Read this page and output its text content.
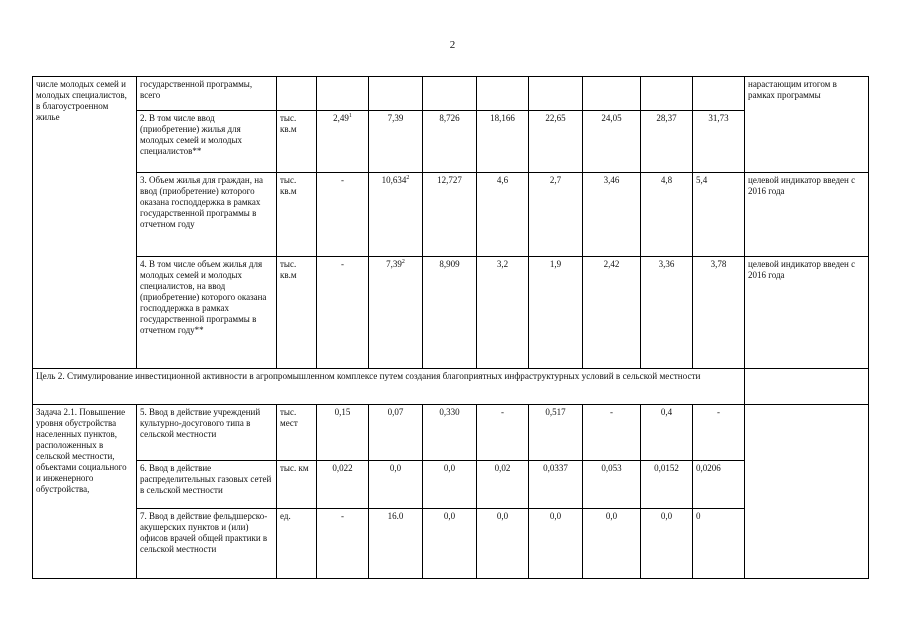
2
числе молодых семей и молодых специалистов, в благоустроенном жилье	государственной программы, всего										нарастающим итогом в рамках программы
	2. В том числе ввод (приобретение) жилья для молодых семей и молодых специалистов**	тыс. кв.м	2,49$^1$	7,39	8,726	18,166	22,65	24,05	28,37	31,73	
	3. Объем жилья для граждан, на ввод (приобретение) которого оказана господдержка в рамках государственной программы в отчетном году	тыс. кв.м	-	10,634$^2$	12,727	4,6	2,7	3,46	4,8	5,4	целевой индикатор введен с 2016 года
	4. В том числе объем жилья для молодых семей и молодых специалистов, на ввод (приобретение) которого оказана господдержка в рамках государственной программы в отчетном году**	тыс. кв.м	-	7,39$^2$	8,909	3,2	1,9	2,42	3,36	3,78	целевой индикатор введен с 2016 года
Цель 2. Стимулирование инвестиционной активности в агропромышленном комплексе путем создания благоприятных инфраструктурных условий в сельской местности											
Задача 2.1. Повышение уровня обустройства населенных пунктов, расположенных в сельской местности, объектами социального и инженерного обустройства,	5. Ввод в действие учреждений культурно-досугового типа в сельской местности	тыс. мест	0,15	0,07	0,330	-	0,517	-	0,4	-	
	6. Ввод в действие распределительных газовых сетей в сельской местности	тыс. км	0,022	0,0	0,0	0,02	0,0337	0,053	0,0152	0,0206	
	7. Ввод в действие фельдшерско-акушерских пунктов и (или) офисов врачей общей практики в сельской местности	ед.	-	16.0	0,0	0,0	0,0	0,0	0,0	0	
